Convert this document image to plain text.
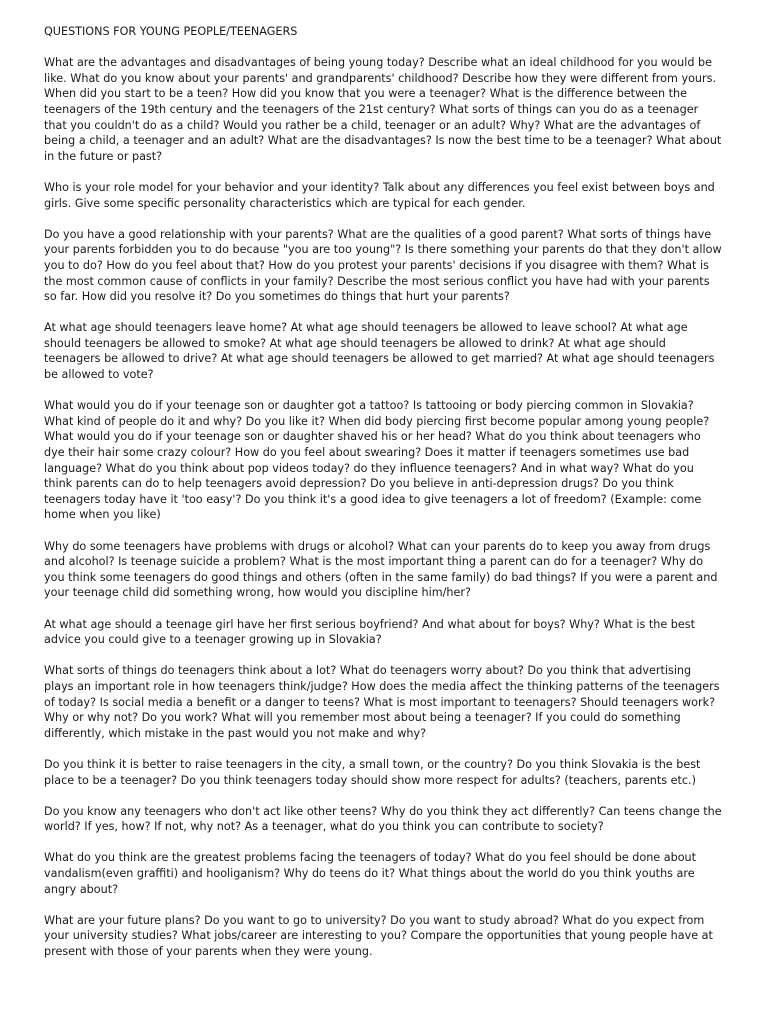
QUESTIONS FOR YOUNG PEOPLE/TEENAGERS

What are the advantages and disadvantages of being young today? Describe what an ideal childhood for you would be like. What do you know about your parents' and grandparents' childhood? Describe how they were different from yours. When did you start to be a teen? How did you know that you were a teenager? What is the difference between the teenagers of the 19th century and the teenagers of the 21st century? What sorts of things can you do as a teenager that you couldn't do as a child? Would you rather be a child, teenager or an adult? Why? What are the advantages of being a child, a teenager and an adult? What are the disadvantages? Is now the best time to be a teenager? What about in the future or past?

Who is your role model for your behavior and your identity? Talk about any differences you feel exist between boys and girls. Give some specific personality characteristics which are typical for each gender.

Do you have a good relationship with your parents? What are the qualities of a good parent? What sorts of things have your parents forbidden you to do because "you are too young"? Is there something your parents do that they don't allow you to do? How do you feel about that? How do you protest your parents' decisions if you disagree with them? What is the most common cause of conflicts in your family? Describe the most serious conflict you have had with your parents so far. How did you resolve it? Do you sometimes do things that hurt your parents?

At what age should teenagers leave home? At what age should teenagers be allowed to leave school? At what age should teenagers be allowed to smoke? At what age should teenagers be allowed to drink? At what age should teenagers be allowed to drive? At what age should teenagers be allowed to get married? At what age should teenagers be allowed to vote?

What would you do if your teenage son or daughter got a tattoo? Is tattooing or body piercing common in Slovakia? What kind of people do it and why? Do you like it? When did body piercing first become popular among young people? What would you do if your teenage son or daughter shaved his or her head? What do you think about teenagers who dye their hair some crazy colour? How do you feel about swearing? Does it matter if teenagers sometimes use bad language? What do you think about pop videos today? do they influence teenagers? And in what way? What do you think parents can do to help teenagers avoid depression? Do you believe in anti-depression drugs? Do you think teenagers today have it 'too easy'? Do you think it's a good idea to give teenagers a lot of freedom? (Example: come home when you like)

Why do some teenagers have problems with drugs or alcohol? What can your parents do to keep you away from drugs and alcohol? Is teenage suicide a problem? What is the most important thing a parent can do for a teenager? Why do you think some teenagers do good things and others (often in the same family) do bad things? If you were a parent and your teenage child did something wrong, how would you discipline him/her?

At what age should a teenage girl have her first serious boyfriend? And what about for boys? Why? What is the best advice you could give to a teenager growing up in Slovakia?

What sorts of things do teenagers think about a lot? What do teenagers worry about? Do you think that advertising plays an important role in how teenagers think/judge? How does the media affect the thinking patterns of the teenagers of today? Is social media a benefit or a danger to teens? What is most important to teenagers? Should teenagers work? Why or why not? Do you work? What will you remember most about being a teenager? If you could do something differently, which mistake in the past would you not make and why?

Do you think it is better to raise teenagers in the city, a small town, or the country? Do you think Slovakia is the best place to be a teenager? Do you think teenagers today should show more respect for adults? (teachers, parents etc.)

Do you know any teenagers who don't act like other teens? Why do you think they act differently? Can teens change the world? If yes, how? If not, why not? As a teenager, what do you think you can contribute to society?

What do you think are the greatest problems facing the teenagers of today? What do you feel should be done about vandalism(even graffiti) and hooliganism? Why do teens do it? What things about the world do you think youths are angry about?

What are your future plans? Do you want to go to university? Do you want to study abroad? What do you expect from your university studies? What jobs/career are interesting to you? Compare the opportunities that young people have at present with those of your parents when they were young.
